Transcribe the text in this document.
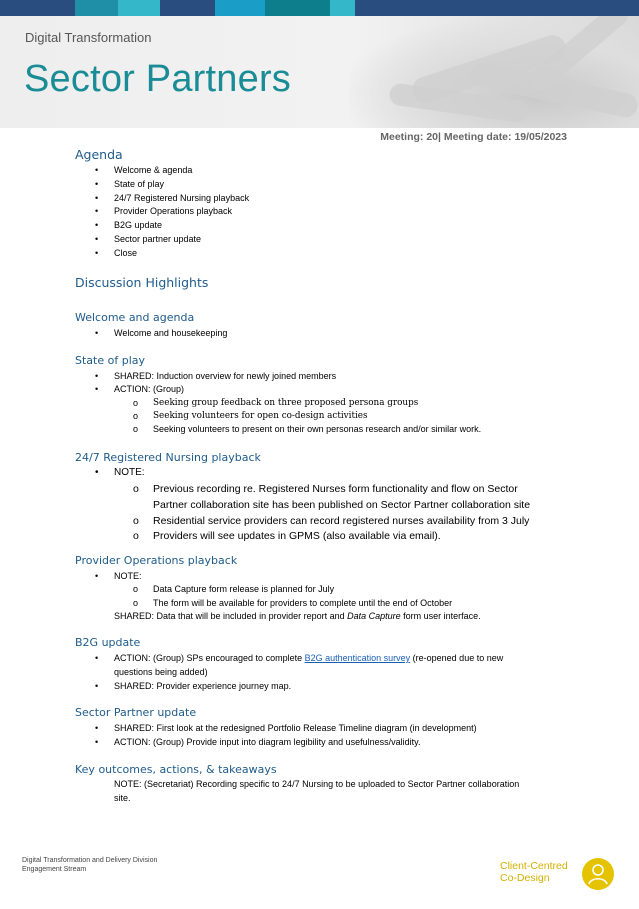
Digital Transformation
Sector Partners
Meeting: 20| Meeting date: 19/05/2023
Agenda
• Welcome & agenda
• State of play
• 24/7 Registered Nursing playback
• Provider Operations playback
• B2G update
• Sector partner update
• Close
Discussion Highlights
Welcome and agenda
• Welcome and housekeeping
State of play
• SHARED: Induction overview for newly joined members
• ACTION: (Group)
o Seeking group feedback on three proposed persona groups
o Seeking volunteers for open co-design activities
o Seeking volunteers to present on their own personas research and/or similar work.
24/7 Registered Nursing playback
• NOTE:
o Previous recording re. Registered Nurses form functionality and flow on Sector
Partner collaboration site has been published on Sector Partner collaboration site
o Residential service providers can record registered nurses availability from 3 July
o Providers will see updates in GPMS (also available via email).
Provider Operations playback
• NOTE:
o Data Capture form release is planned for July
o The form will be available for providers to complete until the end of October
SHARED: Data that will be included in provider report and Data Capture form user interface.
B2G update
• ACTION: (Group) SPs encouraged to complete B2G authentication survey (re-opened due to new
questions being added)
• SHARED: Provider experience journey map.
Sector Partner update
• SHARED: First look at the redesigned Portfolio Release Timeline diagram (in development)
• ACTION: (Group) Provide input into diagram legibility and usefulness/validity.
Key outcomes, actions, & takeaways
NOTE: (Secretariat) Recording specific to 24/7 Nursing to be uploaded to Sector Partner collaboration
site.
Digital Transformation and Delivery Division
Engagement Stream	Client-Centred
Co-Design
